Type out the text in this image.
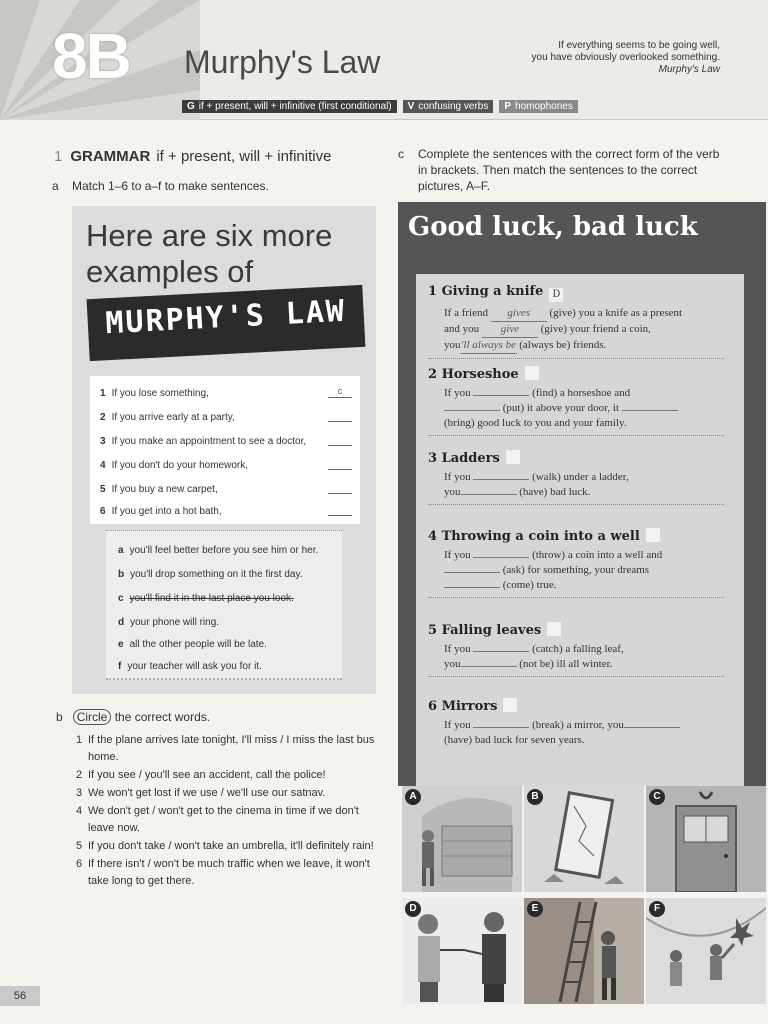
8B Murphy's Law	If everything seems to be going well,
you have obviously overlooked something.
Murphy's Law
G if + present, will + infinitive (first conditional)	V confusing verbs	P homophones
1 GRAMMAR if + present, will + infinitive
a Match 1–6 to a–f to make sentences.
Here are six more examples of
MURPHY'S LAW
1 If you lose something,	c
2 If you arrive early at a party,
3 If you make an appointment to see a doctor,
4 If you don't do your homework,
5 If you buy a new carpet,
6 If you get into a hot bath,
a you'll feel better before you see him or her.
b you'll drop something on it the first day.
c you'll find it in the last place you look.
d your phone will ring.
e all the other people will be late.
f your teacher will ask you for it.
b Circle the correct words.
1 If the plane arrives late tonight, I'll miss / I miss the last bus home.
2 If you see / you'll see an accident, call the police!
3 We won't get lost if we use / we'll use our satnav.
4 We don't get / won't get to the cinema in time if we don't leave now.
5 If you don't take / won't take an umbrella, it'll definitely rain!
6 If there isn't / won't be much traffic when we leave, it won't take long to get there.
56
c Complete the sentences with the correct form of the verb in brackets. Then match the sentences to the correct pictures, A–F.
Good luck, bad luck
1 Giving a knife D
If a friend gives (give) you a knife as a present
and you give (give) your friend a coin,
you'll always be (always be) friends.
2 Horseshoe
If you	(find) a horseshoe and
(put) it above your door, it
(bring) good luck to you and your family.
3 Ladders
If you	(walk) under a ladder,
you	(have) bad luck.
4 Throwing a coin into a well
If you	(throw) a coin into a well and
(ask) for something, your dreams
(come) true.
5 Falling leaves
If you	(catch) a falling leaf,
you	(not be) ill all winter.
6 Mirrors
If you	(break) a mirror, you
(have) bad luck for seven years.
A	B	C
D	E	F
